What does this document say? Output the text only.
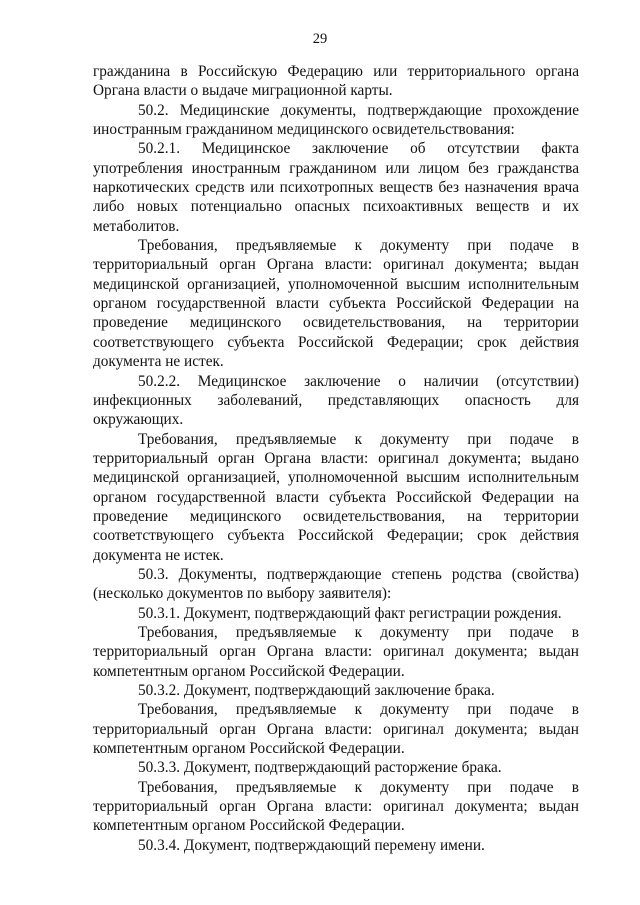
29

гражданина в Российскую Федерацию или территориального органа Органа власти о выдаче миграционной карты.

50.2. Медицинские документы, подтверждающие прохождение иностранным гражданином медицинского освидетельствования:

50.2.1. Медицинское заключение об отсутствии факта употребления иностранным гражданином или лицом без гражданства наркотических средств или психотропных веществ без назначения врача либо новых потенциально опасных психоактивных веществ и их метаболитов.

Требования, предъявляемые к документу при подаче в территориальный орган Органа власти: оригинал документа; выдан медицинской организацией, уполномоченной высшим исполнительным органом государственной власти субъекта Российской Федерации на проведение медицинского освидетельствования, на территории соответствующего субъекта Российской Федерации; срок действия документа не истек.

50.2.2. Медицинское заключение о наличии (отсутствии) инфекционных заболеваний, представляющих опасность для окружающих.

Требования, предъявляемые к документу при подаче в территориальный орган Органа власти: оригинал документа; выдано медицинской организацией, уполномоченной высшим исполнительным органом государственной власти субъекта Российской Федерации на проведение медицинского освидетельствования, на территории соответствующего субъекта Российской Федерации; срок действия документа не истек.

50.3. Документы, подтверждающие степень родства (свойства) (несколько документов по выбору заявителя):

50.3.1. Документ, подтверждающий факт регистрации рождения.

Требования, предъявляемые к документу при подаче в территориальный орган Органа власти: оригинал документа; выдан компетентным органом Российской Федерации.

50.3.2. Документ, подтверждающий заключение брака.

Требования, предъявляемые к документу при подаче в территориальный орган Органа власти: оригинал документа; выдан компетентным органом Российской Федерации.

50.3.3. Документ, подтверждающий расторжение брака.

Требования, предъявляемые к документу при подаче в территориальный орган Органа власти: оригинал документа; выдан компетентным органом Российской Федерации.

50.3.4. Документ, подтверждающий перемену имени.
